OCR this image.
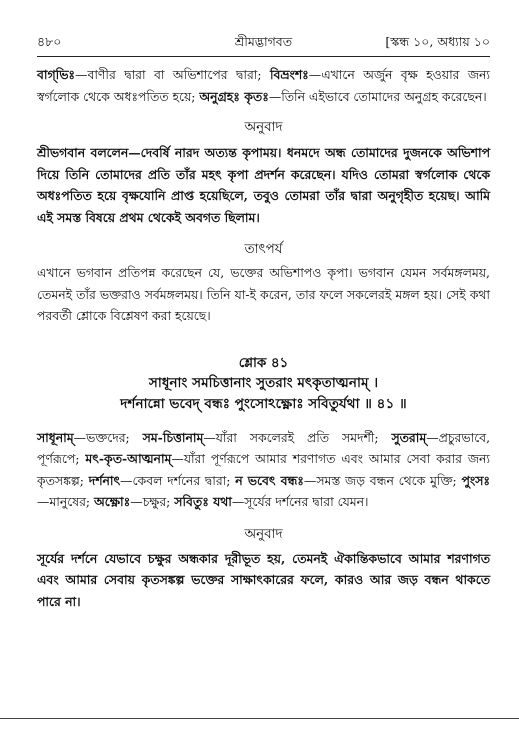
৪৮০	শ্রীমদ্ভাগবত	[স্কন্ধ ১০, অধ্যায় ১০

বাগ্‌ভিঃ—বাণীর দ্বারা বা অভিশাপের দ্বারা; বিভ্রংশঃ—এখানে অর্জুন বৃক্ষ হওয়ার জন্য স্বর্গলোক থেকে অধঃপতিত হয়ে; অনুগ্রহঃ কৃতঃ—তিনি এইভাবে তোমাদের অনুগ্রহ করেছেন।

অনুবাদ

শ্রীভগবান বললেন—দেবর্ষি নারদ অত্যন্ত কৃপাময়। ধনমদে অন্ধ তোমাদের দুজনকে অভিশাপ দিয়ে তিনি তোমাদের প্রতি তাঁর মহৎ কৃপা প্রদর্শন করেছেন। যদিও তোমরা স্বর্গলোক থেকে অধঃপতিত হয়ে বৃক্ষযোনি প্রাপ্ত হয়েছিলে, তবুও তোমরা তাঁর দ্বারা অনুগৃহীত হয়েছ। আমি এই সমস্ত বিষয়ে প্রথম থেকেই অবগত ছিলাম।

তাৎপর্য

এখানে ভগবান প্রতিপন্ন করেছেন যে, ভক্তের অভিশাপও কৃপা। ভগবান যেমন সর্বমঙ্গলময়, তেমনই তাঁর ভক্তরাও সর্বমঙ্গলময়। তিনি যা-ই করেন, তার ফলে সকলেরই মঙ্গল হয়। সেই কথা পরবর্তী শ্লোকে বিশ্লেষণ করা হয়েছে।

শ্লোক ৪১
সাধূনাং সমচিত্তানাং সুতরাং মৎকৃতাত্মনাম্ ।
দর্শনান্নো ভবেদ্ বন্ধঃ পুংসোঽক্ষ্ণোঃ সবিতুর্যথা ॥ ৪১ ॥

সাধূনাম্—ভক্তদের; সম-চিত্তানাম্—যাঁরা সকলেরই প্রতি সমদর্শী; সুতরাম্—প্রচুরভাবে, পূর্ণরূপে; মৎ-কৃত-আত্মনাম্—যাঁরা পূর্ণরূপে আমার শরণাগত এবং আমার সেবা করার জন্য কৃতসঙ্কল্প; দর্শনাৎ—কেবল দর্শনের দ্বারা; ন ভবেৎ বন্ধঃ—সমস্ত জড় বন্ধন থেকে মুক্তি; পুংসঃ—মানুষের; অক্ষ্ণোঃ—চক্ষুর; সবিতুঃ যথা—সূর্যের দর্শনের দ্বারা যেমন।

অনুবাদ

সূর্যের দর্শনে যেভাবে চক্ষুর অন্ধকার দূরীভূত হয়, তেমনই ঐকান্তিকভাবে আমার শরণাগত এবং আমার সেবায় কৃতসঙ্কল্প ভক্তের সাক্ষাৎকারের ফলে, কারও আর জড় বন্ধন থাকতে পারে না।
